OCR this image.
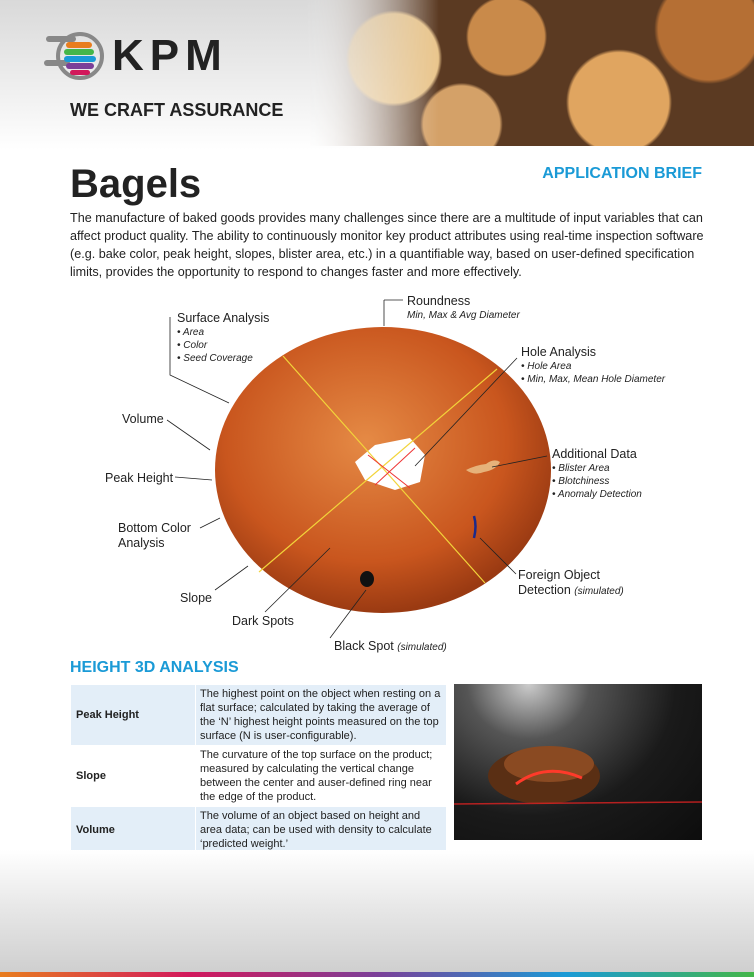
KPM
WE CRAFT ASSURANCE
APPLICATION BRIEF
Bagels

The manufacture of baked goods provides many challenges since there are a multitude of input variables that can affect product quality. The ability to continuously monitor key product attributes using real-time inspection software (e.g. bake color, peak height, slopes, blister area, etc.) in a quantifiable way, based on user-defined specification limits, provides the opportunity to respond to changes faster and more effectively.

Surface Analysis
• Area
• Color
• Seed Coverage
Roundness
Min, Max & Avg Diameter
Hole Analysis
• Hole Area
• Min, Max, Mean Hole Diameter
Volume
Peak Height
Bottom Color Analysis
Additional Data
• Blister Area
• Blotchiness
• Anomaly Detection
Foreign Object Detection (simulated)
Slope
Dark Spots
Black Spot (simulated)
HEIGHT 3D ANALYSIS
Peak Height	The highest point on the object when resting on a flat surface; calculated by taking the average of the ‘N’ highest height points measured on the top surface (N is user-configurable).
Slope	The curvature of the top surface on the product; measured by calculating the vertical change between the center and auser-defined ring near the edge of the product.
Volume	The volume of an object based on height and area data; can be used with density to calculate ‘predicted weight.’
